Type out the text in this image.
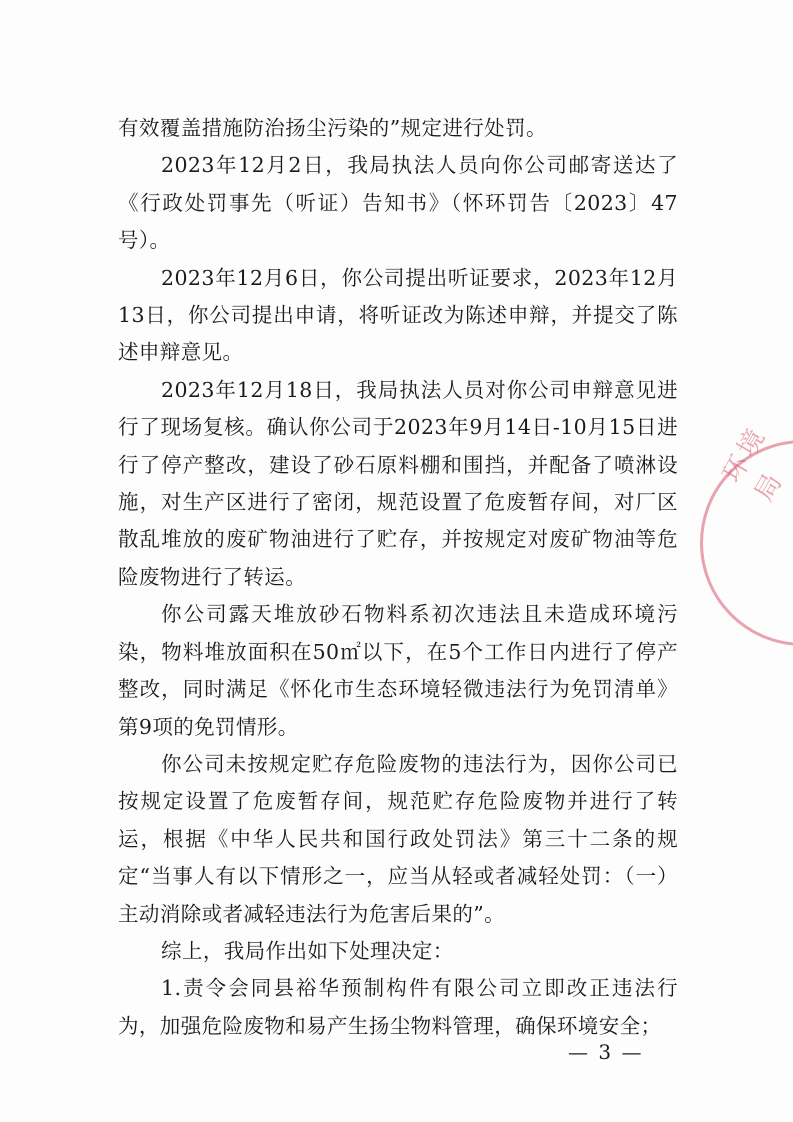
环境局

有效覆盖措施防治扬尘污染的”规定进行处罚。

2023年12月2日，我局执法人员向你公司邮寄送达了《行政处罚事先（听证）告知书》（怀环罚告〔2023〕47号）。

2023年12月6日，你公司提出听证要求，2023年12月13日，你公司提出申请，将听证改为陈述申辩，并提交了陈述申辩意见。

2023年12月18日，我局执法人员对你公司申辩意见进行了现场复核。确认你公司于2023年9月14日-10月15日进行了停产整改，建设了砂石原料棚和围挡，并配备了喷淋设施，对生产区进行了密闭，规范设置了危废暂存间，对厂区散乱堆放的废矿物油进行了贮存，并按规定对废矿物油等危险废物进行了转运。

你公司露天堆放砂石物料系初次违法且未造成环境污染，物料堆放面积在50㎡以下，在5个工作日内进行了停产整改，同时满足《怀化市生态环境轻微违法行为免罚清单》第9项的免罚情形。

你公司未按规定贮存危险废物的违法行为，因你公司已按规定设置了危废暂存间，规范贮存危险废物并进行了转运，根据《中华人民共和国行政处罚法》第三十二条的规定“当事人有以下情形之一，应当从轻或者减轻处罚：（一）主动消除或者减轻违法行为危害后果的”。

综上，我局作出如下处理决定：

1.责令会同县裕华预制构件有限公司立即改正违法行为，加强危险废物和易产生扬尘物料管理，确保环境安全；

— 3 —
